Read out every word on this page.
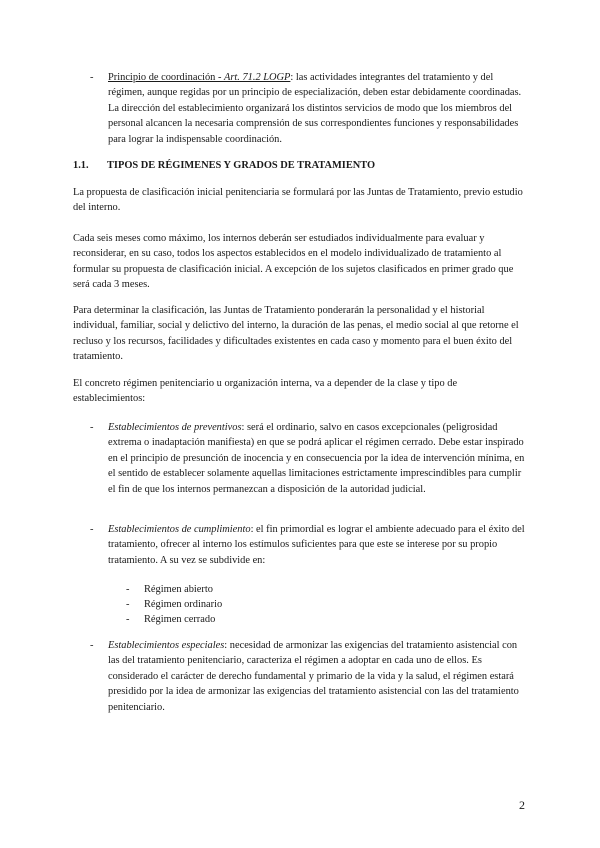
-	Principio de coordinación - Art. 71.2 LOGP: las actividades integrantes del tratamiento y del régimen, aunque regidas por un principio de especialización, deben estar debidamente coordinadas. La dirección del establecimiento organizará los distintos servicios de modo que los miembros del personal alcancen la necesaria comprensión de sus correspondientes funciones y responsabilidades para lograr la indispensable coordinación.
1.1. TIPOS DE RÉGIMENES Y GRADOS DE TRATAMIENTO
La propuesta de clasificación inicial penitenciaria se formulará por las Juntas de Tratamiento, previo estudio del interno.
Cada seis meses como máximo, los internos deberán ser estudiados individualmente para evaluar y reconsiderar, en su caso, todos los aspectos establecidos en el modelo individualizado de tratamiento al formular su propuesta de clasificación inicial. A excepción de los sujetos clasificados en primer grado que será cada 3 meses.
Para determinar la clasificación, las Juntas de Tratamiento ponderarán la personalidad y el historial individual, familiar, social y delictivo del interno, la duración de las penas, el medio social al que retorne el recluso y los recursos, facilidades y dificultades existentes en cada caso y momento para el buen éxito del tratamiento.
El concreto régimen penitenciario u organización interna, va a depender de la clase y tipo de establecimientos:
-	Establecimientos de preventivos: será el ordinario, salvo en casos excepcionales (peligrosidad extrema o inadaptación manifiesta) en que se podrá aplicar el régimen cerrado. Debe estar inspirado en el principio de presunción de inocencia y en consecuencia por la idea de intervención mínima, en el sentido de establecer solamente aquellas limitaciones estrictamente imprescindibles para cumplir el fin de que los internos permanezcan a disposición de la autoridad judicial.
-	Establecimientos de cumplimiento: el fin primordial es lograr el ambiente adecuado para el éxito del tratamiento, ofrecer al interno los estímulos suficientes para que este se interese por su propio tratamiento. A su vez se subdivide en:
- Régimen abierto
- Régimen ordinario
- Régimen cerrado
-	Establecimientos especiales: necesidad de armonizar las exigencias del tratamiento asistencial con las del tratamiento penitenciario, caracteriza el régimen a adoptar en cada uno de ellos. Es considerado el carácter de derecho fundamental y primario de la vida y la salud, el régimen estará presidido por la idea de armonizar las exigencias del tratamiento asistencial con las del tratamiento penitenciario.
2
